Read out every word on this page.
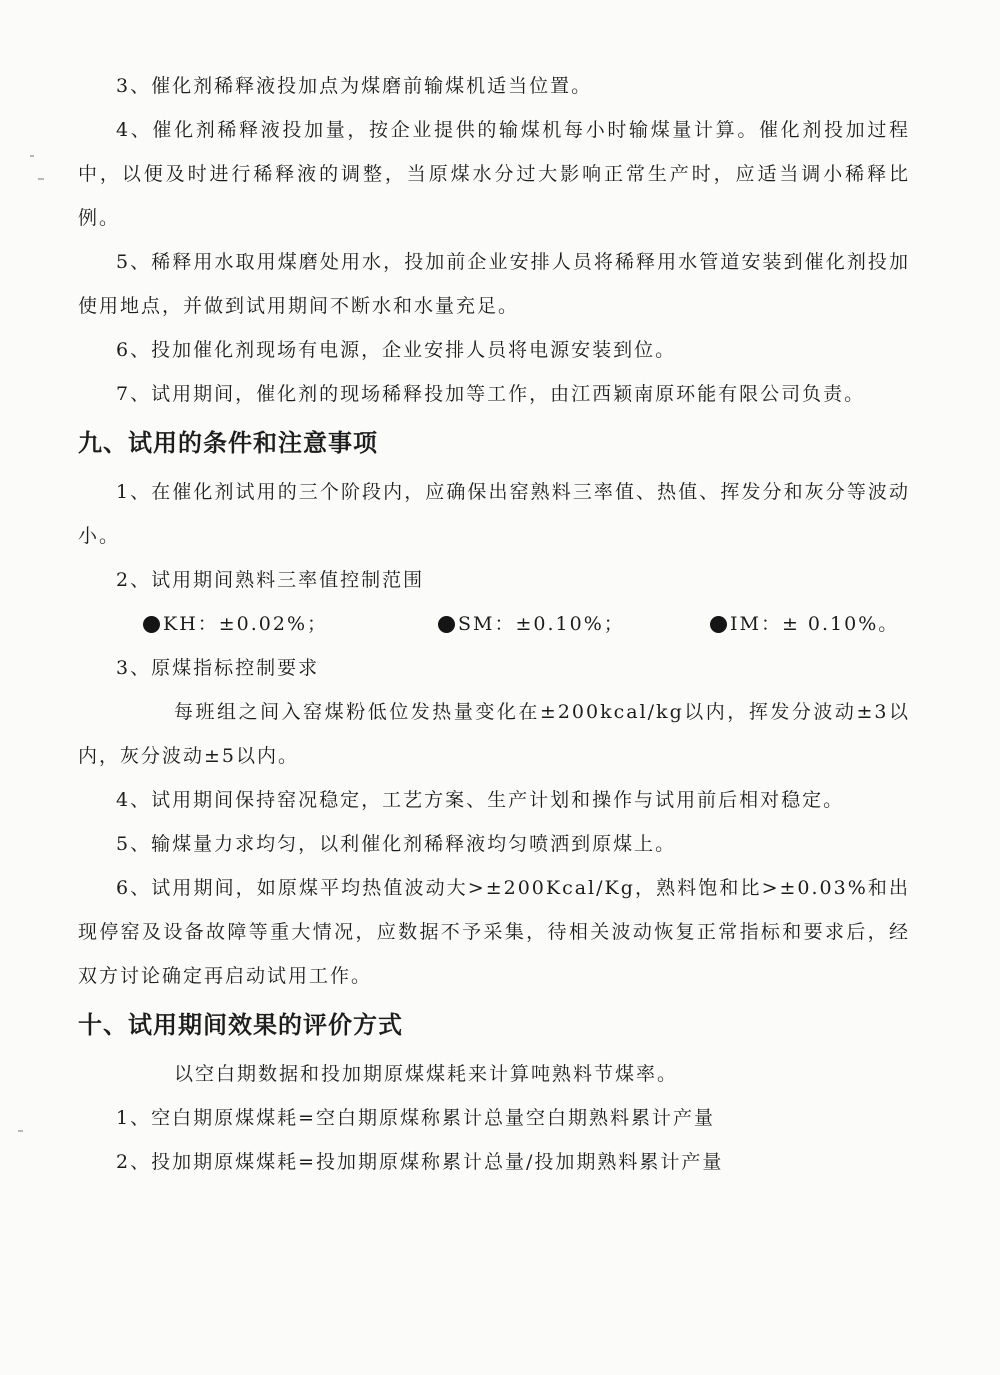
3、催化剂稀释液投加点为煤磨前输煤机适当位置。

4、催化剂稀释液投加量，按企业提供的输煤机每小时输煤量计算。催化剂投加过程中，以便及时进行稀释液的调整，当原煤水分过大影响正常生产时，应适当调小稀释比例。

5、稀释用水取用煤磨处用水，投加前企业安排人员将稀释用水管道安装到催化剂投加使用地点，并做到试用期间不断水和水量充足。

6、投加催化剂现场有电源，企业安排人员将电源安装到位。

7、试用期间，催化剂的现场稀释投加等工作，由江西颖南原环能有限公司负责。

九、试用的条件和注意事项

1、在催化剂试用的三个阶段内，应确保出窑熟料三率值、热值、挥发分和灰分等波动小。

2、试用期间熟料三率值控制范围

KH：±0.02%；	SM：±0.10%；	IM：± 0.10%。

3、原煤指标控制要求

每班组之间入窑煤粉低位发热量变化在±200kcal/kg以内，挥发分波动±3以内，灰分波动±5以内。

4、试用期间保持窑况稳定，工艺方案、生产计划和操作与试用前后相对稳定。

5、输煤量力求均匀，以利催化剂稀释液均匀喷洒到原煤上。

6、试用期间，如原煤平均热值波动大>±200Kcal/Kg，熟料饱和比>±0.03%和出现停窑及设备故障等重大情况，应数据不予采集，待相关波动恢复正常指标和要求后，经双方讨论确定再启动试用工作。

十、试用期间效果的评价方式

以空白期数据和投加期原煤煤耗来计算吨熟料节煤率。

1、空白期原煤煤耗=空白期原煤称累计总量空白期熟料累计产量

2、投加期原煤煤耗=投加期原煤称累计总量/投加期熟料累计产量
